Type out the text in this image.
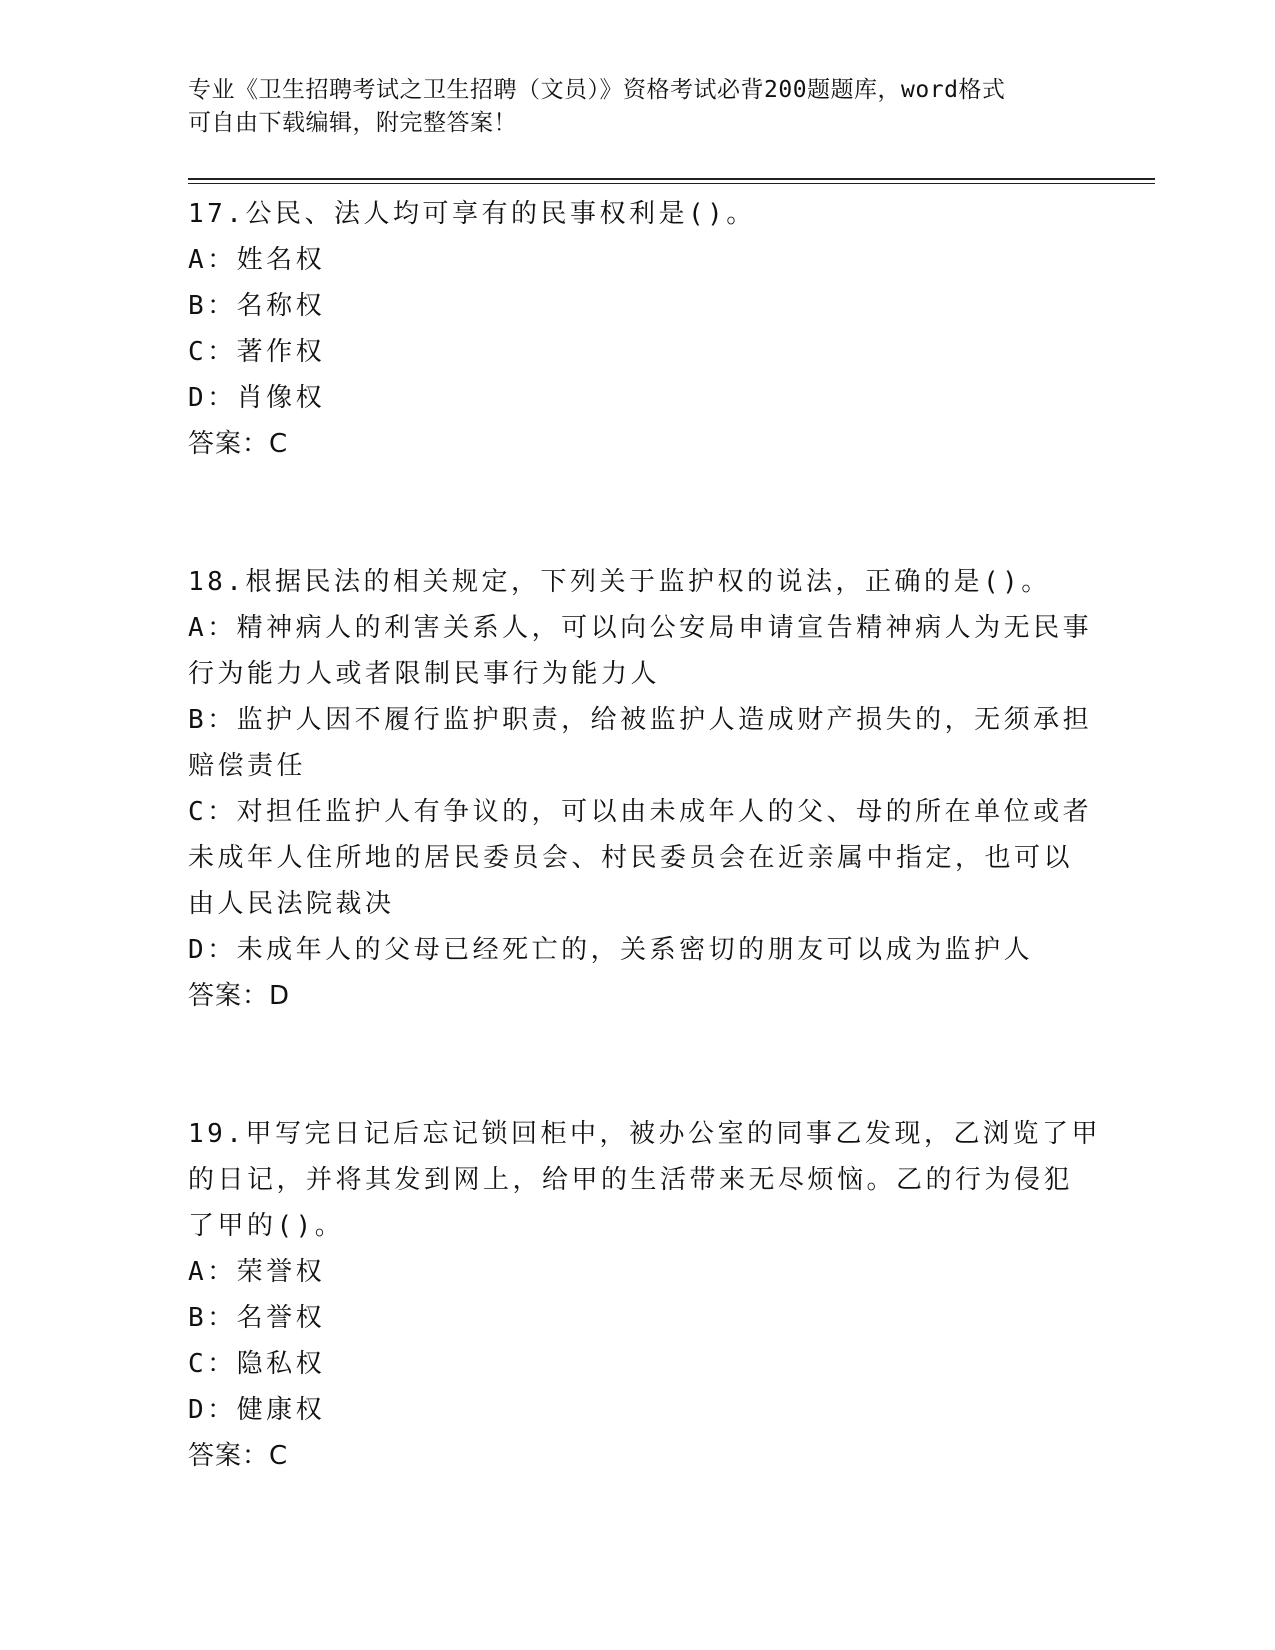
专业《卫生招聘考试之卫生招聘（文员）》资格考试必背200题题库，word格式
可自由下载编辑，附完整答案！
17.公民、法人均可享有的民事权利是()。
A：姓名权
B：名称权
C：著作权
D：肖像权
答案：C
18.根据民法的相关规定，下列关于监护权的说法，正确的是()。
A：精神病人的利害关系人，可以向公安局申请宣告精神病人为无民事
行为能力人或者限制民事行为能力人
B：监护人因不履行监护职责，给被监护人造成财产损失的，无须承担
赔偿责任
C：对担任监护人有争议的，可以由未成年人的父、母的所在单位或者
未成年人住所地的居民委员会、村民委员会在近亲属中指定，也可以
由人民法院裁决
D：未成年人的父母已经死亡的，关系密切的朋友可以成为监护人
答案：D
19.甲写完日记后忘记锁回柜中，被办公室的同事乙发现，乙浏览了甲
的日记，并将其发到网上，给甲的生活带来无尽烦恼。乙的行为侵犯
了甲的()。
A：荣誉权
B：名誉权
C：隐私权
D：健康权
答案：C
